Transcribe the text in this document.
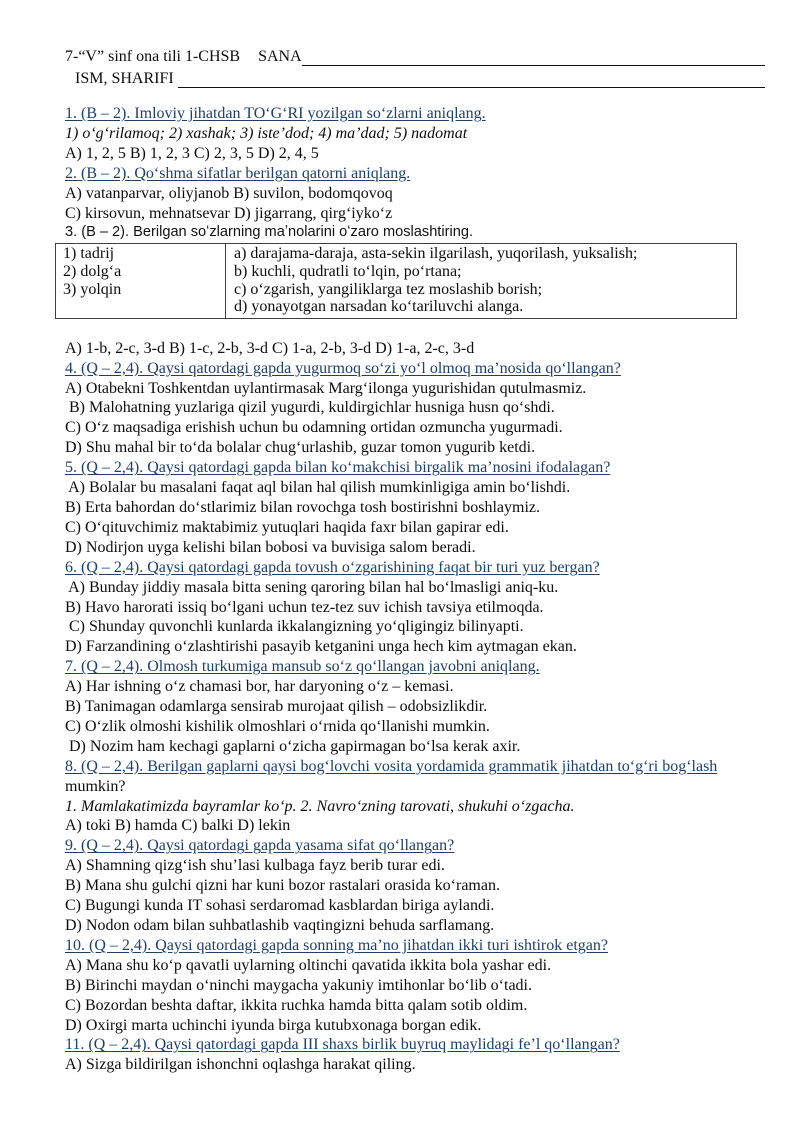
7-“V” sinf ona tili 1-CHSB SANA
ISM, SHARIFI
1. (B – 2). Imloviy jihatdan TOʻGʻRI yozilgan soʻzlarni aniqlang.
1) oʻgʻrilamoq; 2) xashak; 3) isteʼdod; 4) maʼdad; 5) nadomat
A) 1, 2, 5 B) 1, 2, 3 C) 2, 3, 5 D) 2, 4, 5
2. (B – 2). Qoʻshma sifatlar berilgan qatorni aniqlang.
A) vatanparvar, oliyjanob B) suvilon, bodomqovoq
C) kirsovun, mehnatsevar D) jigarrang, qirgʻiykoʻz
3. (B – 2). Berilgan soʻzlarning maʼnolarini oʻzaro moslashtiring.
1) tadrij
2) dolgʻa
3) yolqin
a) darajama-daraja, asta-sekin ilgarilash, yuqorilash, yuksalish;
b) kuchli, qudratli toʻlqin, poʻrtana;
c) oʻzgarish, yangiliklarga tez moslashib borish;
d) yonayotgan narsadan koʻtariluvchi alanga.
A) 1-b, 2-c, 3-d B) 1-c, 2-b, 3-d C) 1-a, 2-b, 3-d D) 1-a, 2-c, 3-d
4. (Q – 2,4). Qaysi qatordagi gapda yugurmoq soʻzi yoʻl olmoq maʼnosida qoʻllangan?
A) Otabekni Toshkentdan uylantirmasak Margʻilonga yugurishidan qutulmasmiz.
B) Malohatning yuzlariga qizil yugurdi, kuldirgichlar husniga husn qoʻshdi.
C) Oʻz maqsadiga erishish uchun bu odamning ortidan ozmuncha yugurmadi.
D) Shu mahal bir toʻda bolalar chugʻurlashib, guzar tomon yugurib ketdi.
5. (Q – 2,4). Qaysi qatordagi gapda bilan koʻmakchisi birgalik maʼnosini ifodalagan?
A) Bolalar bu masalani faqat aql bilan hal qilish mumkinligiga amin boʻlishdi.
B) Erta bahordan doʻstlarimiz bilan rovochga tosh bostirishni boshlaymiz.
C) Oʻqituvchimiz maktabimiz yutuqlari haqida faxr bilan gapirar edi.
D) Nodirjon uyga kelishi bilan bobosi va buvisiga salom beradi.
6. (Q – 2,4). Qaysi qatordagi gapda tovush oʻzgarishining faqat bir turi yuz bergan?
A) Bunday jiddiy masala bitta sening qaroring bilan hal boʻlmasligi aniq-ku.
B) Havo harorati issiq boʻlgani uchun tez-tez suv ichish tavsiya etilmoqda.
C) Shunday quvonchli kunlarda ikkalangizning yoʻqligingiz bilinyapti.
D) Farzandining oʻzlashtirishi pasayib ketganini unga hech kim aytmagan ekan.
7. (Q – 2,4). Olmosh turkumiga mansub soʻz qoʻllangan javobni aniqlang.
A) Har ishning oʻz chamasi bor, har daryoning oʻz – kemasi.
B) Tanimagan odamlarga sensirab murojaat qilish – odobsizlikdir.
C) Oʻzlik olmoshi kishilik olmoshlari oʻrnida qoʻllanishi mumkin.
D) Nozim ham kechagi gaplarni oʻzicha gapirmagan boʻlsa kerak axir.
8. (Q – 2,4). Berilgan gaplarni qaysi bogʻlovchi vosita yordamida grammatik jihatdan toʻgʻri bogʻlash
mumkin?
1. Mamlakatimizda bayramlar koʻp. 2. Navroʻzning tarovati, shukuhi oʻzgacha.
A) toki B) hamda C) balki D) lekin
9. (Q – 2,4). Qaysi qatordagi gapda yasama sifat qoʻllangan?
A) Shamning qizgʻish shuʼlasi kulbaga fayz berib turar edi.
B) Mana shu gulchi qizni har kuni bozor rastalari orasida koʻraman.
C) Bugungi kunda IT sohasi serdaromad kasblardan biriga aylandi.
D) Nodon odam bilan suhbatlashib vaqtingizni behuda sarflamang.
10. (Q – 2,4). Qaysi qatordagi gapda sonning maʼno jihatdan ikki turi ishtirok etgan?
A) Mana shu koʻp qavatli uylarning oltinchi qavatida ikkita bola yashar edi.
B) Birinchi maydan oʻninchi maygacha yakuniy imtihonlar boʻlib oʻtadi.
C) Bozordan beshta daftar, ikkita ruchka hamda bitta qalam sotib oldim.
D) Oxirgi marta uchinchi iyunda birga kutubxonaga borgan edik.
11. (Q – 2,4). Qaysi qatordagi gapda III shaxs birlik buyruq maylidagi feʼl qoʻllangan?
A) Sizga bildirilgan ishonchni oqlashga harakat qiling.
